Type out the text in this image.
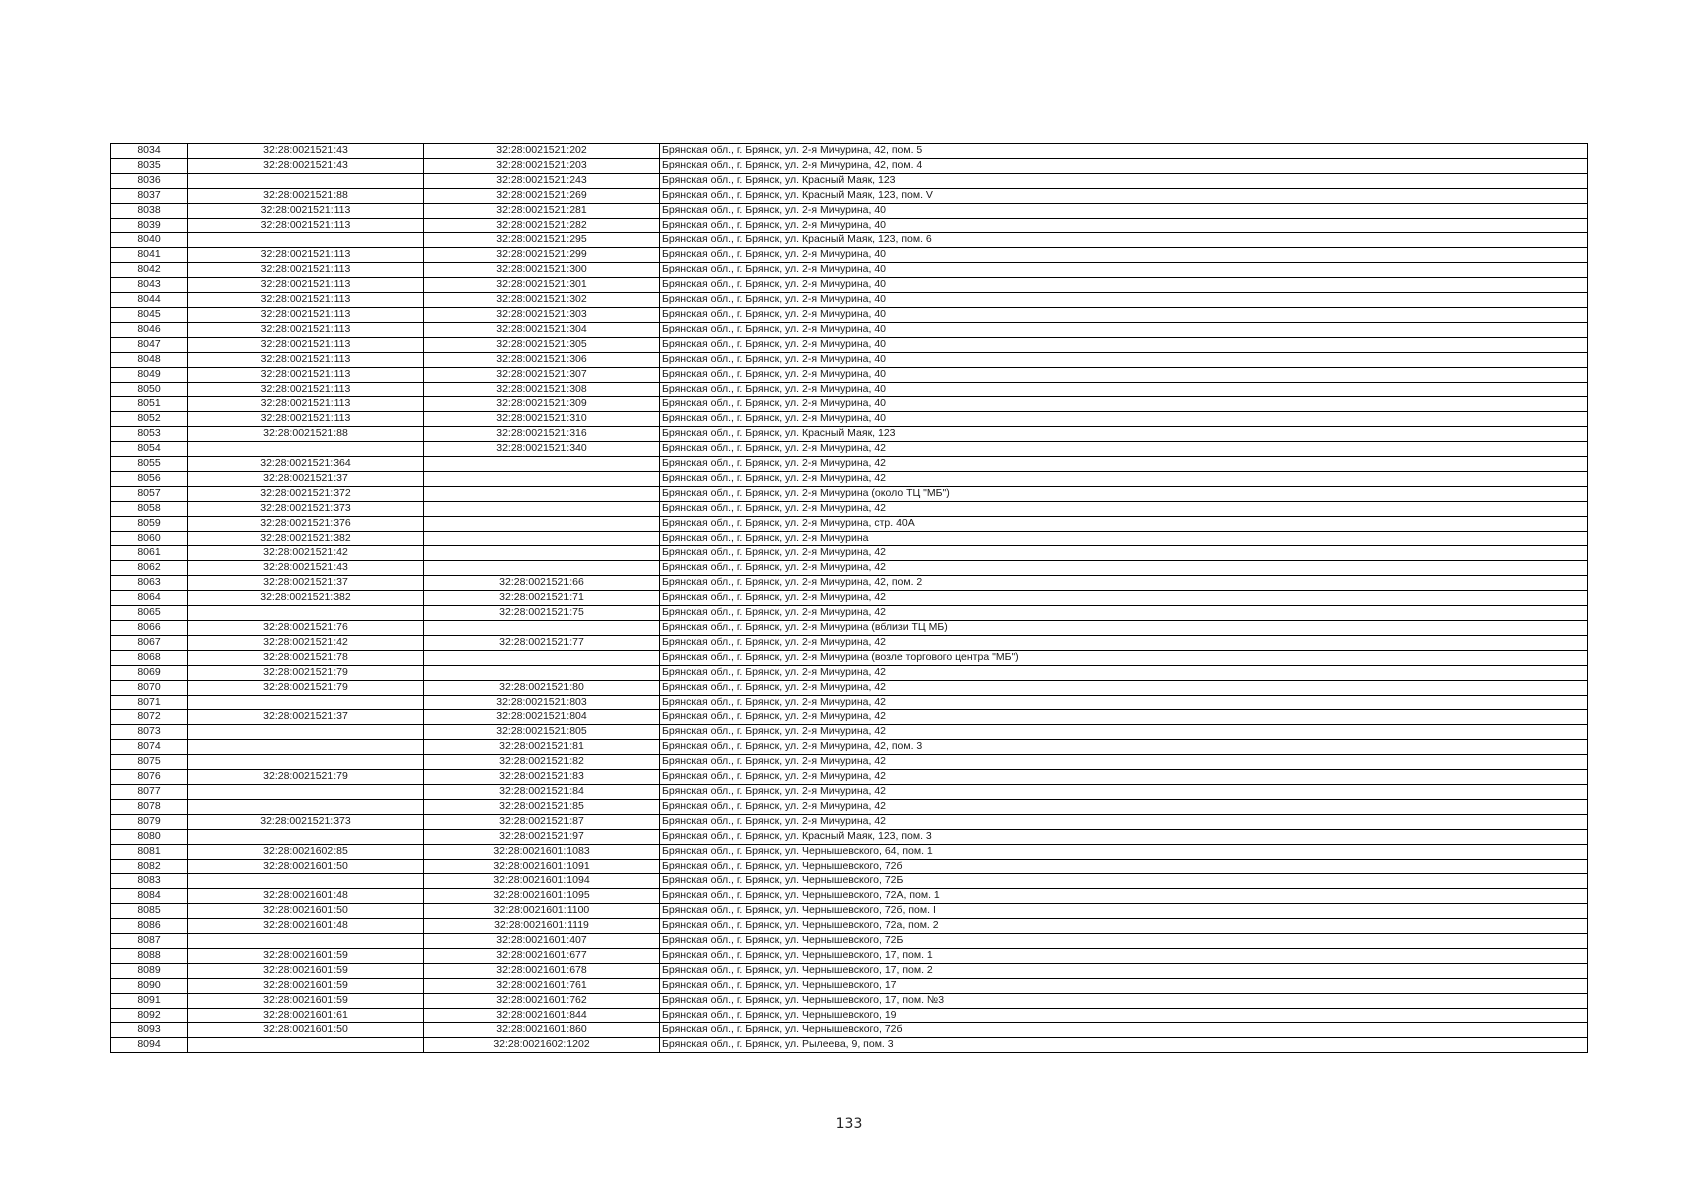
8034	32:28:0021521:43	32:28:0021521:202	Брянская обл., г. Брянск, ул. 2-я Мичурина, 42, пом. 5
8035	32:28:0021521:43	32:28:0021521:203	Брянская обл., г. Брянск, ул. 2-я Мичурина, 42, пом. 4
8036		32:28:0021521:243	Брянская обл., г. Брянск, ул. Красный Маяк, 123
8037	32:28:0021521:88	32:28:0021521:269	Брянская обл., г. Брянск, ул. Красный Маяк, 123, пом. V
8038	32:28:0021521:113	32:28:0021521:281	Брянская обл., г. Брянск, ул. 2-я Мичурина, 40
8039	32:28:0021521:113	32:28:0021521:282	Брянская обл., г. Брянск, ул. 2-я Мичурина, 40
8040		32:28:0021521:295	Брянская обл., г. Брянск, ул. Красный Маяк, 123, пом. 6
8041	32:28:0021521:113	32:28:0021521:299	Брянская обл., г. Брянск, ул. 2-я Мичурина, 40
8042	32:28:0021521:113	32:28:0021521:300	Брянская обл., г. Брянск, ул. 2-я Мичурина, 40
8043	32:28:0021521:113	32:28:0021521:301	Брянская обл., г. Брянск, ул. 2-я Мичурина, 40
8044	32:28:0021521:113	32:28:0021521:302	Брянская обл., г. Брянск, ул. 2-я Мичурина, 40
8045	32:28:0021521:113	32:28:0021521:303	Брянская обл., г. Брянск, ул. 2-я Мичурина, 40
8046	32:28:0021521:113	32:28:0021521:304	Брянская обл., г. Брянск, ул. 2-я Мичурина, 40
8047	32:28:0021521:113	32:28:0021521:305	Брянская обл., г. Брянск, ул. 2-я Мичурина, 40
8048	32:28:0021521:113	32:28:0021521:306	Брянская обл., г. Брянск, ул. 2-я Мичурина, 40
8049	32:28:0021521:113	32:28:0021521:307	Брянская обл., г. Брянск, ул. 2-я Мичурина, 40
8050	32:28:0021521:113	32:28:0021521:308	Брянская обл., г. Брянск, ул. 2-я Мичурина, 40
8051	32:28:0021521:113	32:28:0021521:309	Брянская обл., г. Брянск, ул. 2-я Мичурина, 40
8052	32:28:0021521:113	32:28:0021521:310	Брянская обл., г. Брянск, ул. 2-я Мичурина, 40
8053	32:28:0021521:88	32:28:0021521:316	Брянская обл., г. Брянск, ул. Красный Маяк, 123
8054		32:28:0021521:340	Брянская обл., г. Брянск, ул. 2-я Мичурина, 42
8055	32:28:0021521:364		Брянская обл., г. Брянск, ул. 2-я Мичурина, 42
8056	32:28:0021521:37		Брянская обл., г. Брянск, ул. 2-я Мичурина, 42
8057	32:28:0021521:372		Брянская обл., г. Брянск, ул. 2-я Мичурина (около ТЦ "МБ")
8058	32:28:0021521:373		Брянская обл., г. Брянск, ул. 2-я Мичурина, 42
8059	32:28:0021521:376		Брянская обл., г. Брянск, ул. 2-я Мичурина, стр. 40А
8060	32:28:0021521:382		Брянская обл., г. Брянск, ул. 2-я Мичурина
8061	32:28:0021521:42		Брянская обл., г. Брянск, ул. 2-я Мичурина, 42
8062	32:28:0021521:43		Брянская обл., г. Брянск, ул. 2-я Мичурина, 42
8063	32:28:0021521:37	32:28:0021521:66	Брянская обл., г. Брянск, ул. 2-я Мичурина, 42, пом. 2
8064	32:28:0021521:382	32:28:0021521:71	Брянская обл., г. Брянск, ул. 2-я Мичурина, 42
8065		32:28:0021521:75	Брянская обл., г. Брянск, ул. 2-я Мичурина, 42
8066	32:28:0021521:76		Брянская обл., г. Брянск, ул. 2-я Мичурина (вблизи ТЦ МБ)
8067	32:28:0021521:42	32:28:0021521:77	Брянская обл., г. Брянск, ул. 2-я Мичурина, 42
8068	32:28:0021521:78		Брянская обл., г. Брянск, ул. 2-я Мичурина (возле торгового центра "МБ")
8069	32:28:0021521:79		Брянская обл., г. Брянск, ул. 2-я Мичурина, 42
8070	32:28:0021521:79	32:28:0021521:80	Брянская обл., г. Брянск, ул. 2-я Мичурина, 42
8071		32:28:0021521:803	Брянская обл., г. Брянск, ул. 2-я Мичурина, 42
8072	32:28:0021521:37	32:28:0021521:804	Брянская обл., г. Брянск, ул. 2-я Мичурина, 42
8073		32:28:0021521:805	Брянская обл., г. Брянск, ул. 2-я Мичурина, 42
8074		32:28:0021521:81	Брянская обл., г. Брянск, ул. 2-я Мичурина, 42, пом. 3
8075		32:28:0021521:82	Брянская обл., г. Брянск, ул. 2-я Мичурина, 42
8076	32:28:0021521:79	32:28:0021521:83	Брянская обл., г. Брянск, ул. 2-я Мичурина, 42
8077		32:28:0021521:84	Брянская обл., г. Брянск, ул. 2-я Мичурина, 42
8078		32:28:0021521:85	Брянская обл., г. Брянск, ул. 2-я Мичурина, 42
8079	32:28:0021521:373	32:28:0021521:87	Брянская обл., г. Брянск, ул. 2-я Мичурина, 42
8080		32:28:0021521:97	Брянская обл., г. Брянск, ул. Красный Маяк, 123, пом. 3
8081	32:28:0021602:85	32:28:0021601:1083	Брянская обл., г. Брянск, ул. Чернышевского, 64, пом. 1
8082	32:28:0021601:50	32:28:0021601:1091	Брянская обл., г. Брянск, ул. Чернышевского, 72б
8083		32:28:0021601:1094	Брянская обл., г. Брянск, ул. Чернышевского, 72Б
8084	32:28:0021601:48	32:28:0021601:1095	Брянская обл., г. Брянск, ул. Чернышевского, 72А, пом. 1
8085	32:28:0021601:50	32:28:0021601:1100	Брянская обл., г. Брянск, ул. Чернышевского, 72б, пом. I
8086	32:28:0021601:48	32:28:0021601:1119	Брянская обл., г. Брянск, ул. Чернышевского, 72а, пом. 2
8087		32:28:0021601:407	Брянская обл., г. Брянск, ул. Чернышевского, 72Б
8088	32:28:0021601:59	32:28:0021601:677	Брянская обл., г. Брянск, ул. Чернышевского, 17, пом. 1
8089	32:28:0021601:59	32:28:0021601:678	Брянская обл., г. Брянск, ул. Чернышевского, 17, пом. 2
8090	32:28:0021601:59	32:28:0021601:761	Брянская обл., г. Брянск, ул. Чернышевского, 17
8091	32:28:0021601:59	32:28:0021601:762	Брянская обл., г. Брянск, ул. Чернышевского, 17, пом. №3
8092	32:28:0021601:61	32:28:0021601:844	Брянская обл., г. Брянск, ул. Чернышевского, 19
8093	32:28:0021601:50	32:28:0021601:860	Брянская обл., г. Брянск, ул. Чернышевского, 72б
8094		32:28:0021602:1202	Брянская обл., г. Брянск, ул. Рылеева, 9, пом. 3
133
